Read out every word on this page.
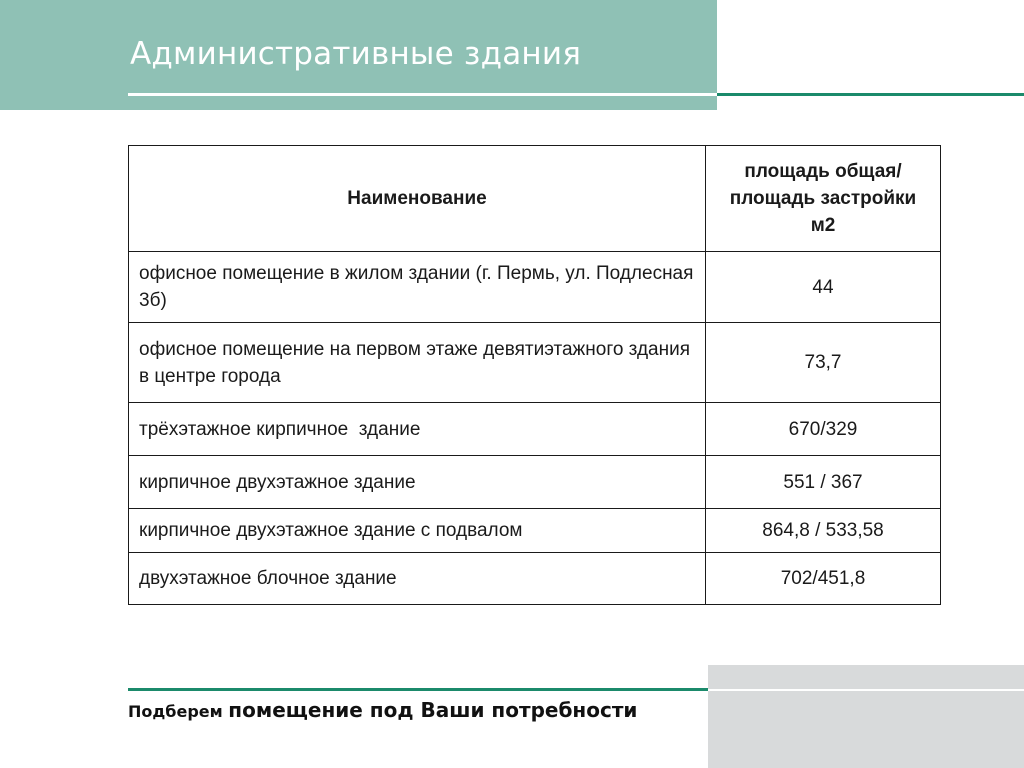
Административные здания
Наименование	площадь общая/ площадь застройки м2
офисное помещение в жилом здании (г. Пермь, ул. Подлесная 3б)	44
офисное помещение на первом этаже девятиэтажного здания в центре города	73,7
трёхэтажное кирпичное  здание	670/329
кирпичное двухэтажное здание	551 / 367
кирпичное двухэтажное здание с подвалом	864,8 / 533,58
двухэтажное блочное здание	702/451,8
Подберем помещение под Ваши потребности
